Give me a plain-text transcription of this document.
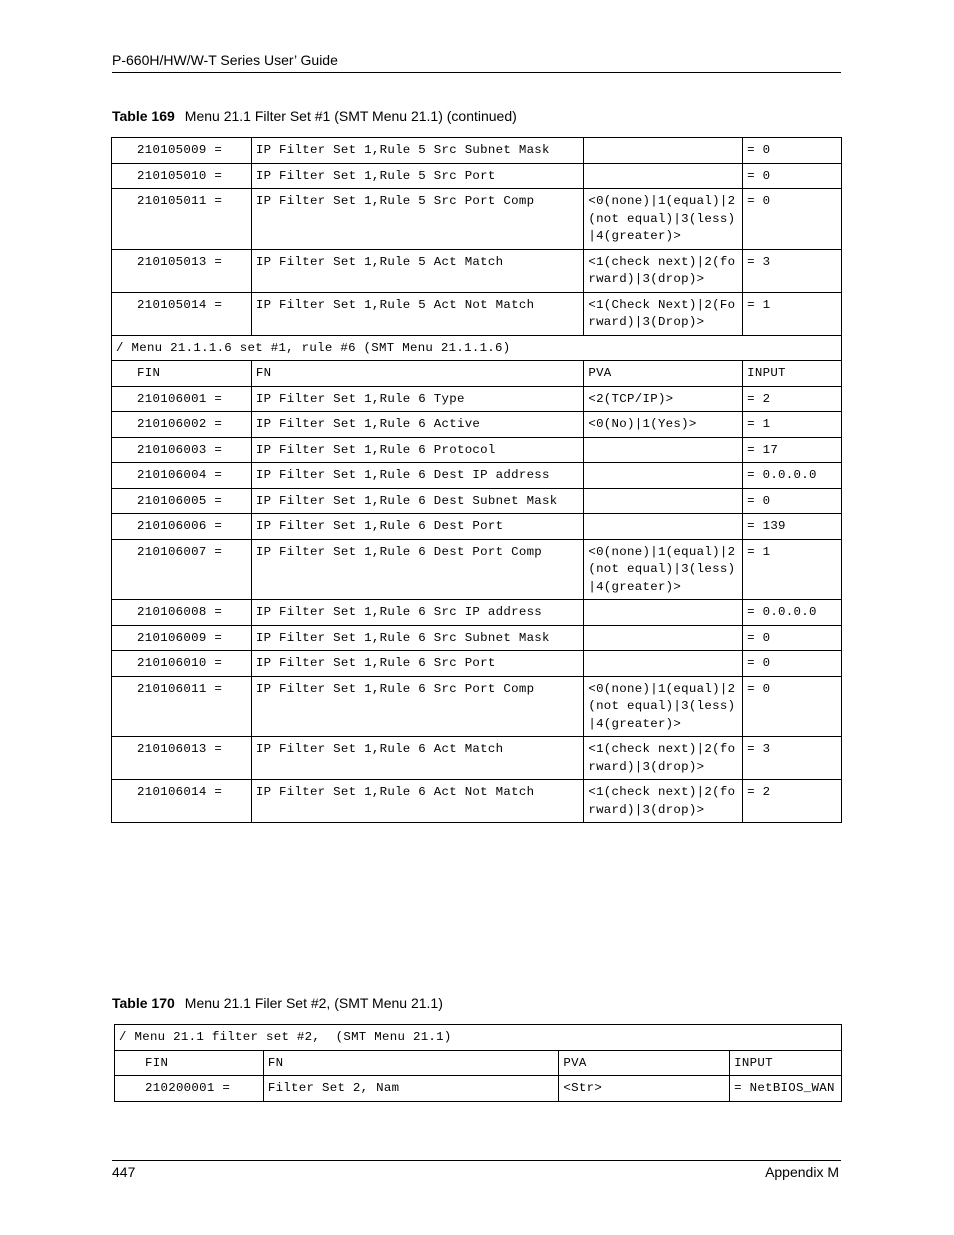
P-660H/HW/W-T Series User’ Guide
Table 169 Menu 21.1 Filter Set #1 (SMT Menu 21.1) (continued)
210105009 =	IP Filter Set 1,Rule 5 Src Subnet Mask		= 0
210105010 =	IP Filter Set 1,Rule 5 Src Port		= 0
210105011 =	IP Filter Set 1,Rule 5 Src Port Comp	<0(none)|1(equal)|2(not equal)|3(less)|4(greater)>	= 0
210105013 =	IP Filter Set 1,Rule 5 Act Match	<1(check next)|2(forward)|3(drop)>	= 3
210105014 =	IP Filter Set 1,Rule 5 Act Not Match	<1(Check Next)|2(Forward)|3(Drop)>	= 1
/ Menu 21.1.1.6 set #1, rule #6 (SMT Menu 21.1.1.6)			
FIN	FN	PVA	INPUT
210106001 =	IP Filter Set 1,Rule 6 Type	<2(TCP/IP)>	= 2
210106002 =	IP Filter Set 1,Rule 6 Active	<0(No)|1(Yes)>	= 1
210106003 =	IP Filter Set 1,Rule 6 Protocol		= 17
210106004 =	IP Filter Set 1,Rule 6 Dest IP address		= 0.0.0.0
210106005 =	IP Filter Set 1,Rule 6 Dest Subnet Mask		= 0
210106006 =	IP Filter Set 1,Rule 6 Dest Port		= 139
210106007 =	IP Filter Set 1,Rule 6 Dest Port Comp	<0(none)|1(equal)|2(not equal)|3(less)|4(greater)>	= 1
210106008 =	IP Filter Set 1,Rule 6 Src IP address		= 0.0.0.0
210106009 =	IP Filter Set 1,Rule 6 Src Subnet Mask		= 0
210106010 =	IP Filter Set 1,Rule 6 Src Port		= 0
210106011 =	IP Filter Set 1,Rule 6 Src Port Comp	<0(none)|1(equal)|2(not equal)|3(less)|4(greater)>	= 0
210106013 =	IP Filter Set 1,Rule 6 Act Match	<1(check next)|2(forward)|3(drop)>	= 3
210106014 =	IP Filter Set 1,Rule 6 Act Not Match	<1(check next)|2(forward)|3(drop)>	= 2
Table 170 Menu 21.1 Filer Set #2, (SMT Menu 21.1)
/ Menu 21.1 filter set #2,  (SMT Menu 21.1)			
FIN	FN	PVA	INPUT
210200001 =	Filter Set 2, Nam	<Str>	= NetBIOS_WAN
447	Appendix M
